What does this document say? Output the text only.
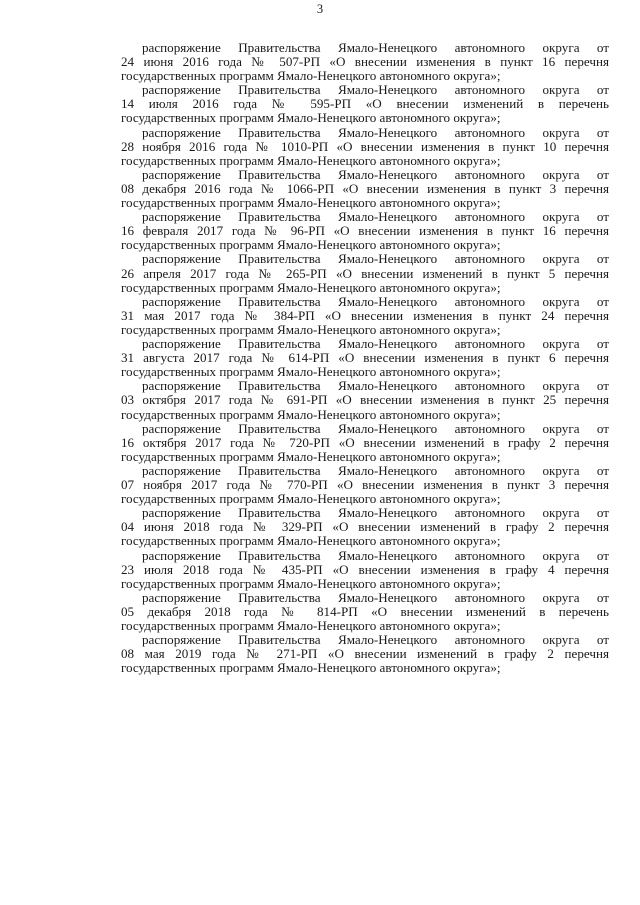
3
распоряжение Правительства Ямало-Ненецкого автономного округа от
24 июня 2016 года № 507-РП «О внесении изменения в пункт 16 перечня
государственных программ Ямало-Ненецкого автономного округа»;
распоряжение Правительства Ямало-Ненецкого автономного округа от
14 июля 2016 года № 595-РП «О внесении изменений в перечень
государственных программ Ямало-Ненецкого автономного округа»;
распоряжение Правительства Ямало-Ненецкого автономного округа от
28 ноября 2016 года № 1010-РП «О внесении изменения в пункт 10 перечня
государственных программ Ямало-Ненецкого автономного округа»;
распоряжение Правительства Ямало-Ненецкого автономного округа от
08 декабря 2016 года № 1066-РП «О внесении изменения в пункт 3 перечня
государственных программ Ямало-Ненецкого автономного округа»;
распоряжение Правительства Ямало-Ненецкого автономного округа от
16 февраля 2017 года № 96-РП «О внесении изменения в пункт 16 перечня
государственных программ Ямало-Ненецкого автономного округа»;
распоряжение Правительства Ямало-Ненецкого автономного округа от
26 апреля 2017 года № 265-РП «О внесении изменений в пункт 5 перечня
государственных программ Ямало-Ненецкого автономного округа»;
распоряжение Правительства Ямало-Ненецкого автономного округа от
31 мая 2017 года № 384-РП «О внесении изменения в пункт 24 перечня
государственных программ Ямало-Ненецкого автономного округа»;
распоряжение Правительства Ямало-Ненецкого автономного округа от
31 августа 2017 года № 614-РП «О внесении изменения в пункт 6 перечня
государственных программ Ямало-Ненецкого автономного округа»;
распоряжение Правительства Ямало-Ненецкого автономного округа от
03 октября 2017 года № 691-РП «О внесении изменения в пункт 25 перечня
государственных программ Ямало-Ненецкого автономного округа»;
распоряжение Правительства Ямало-Ненецкого автономного округа от
16 октября 2017 года № 720-РП «О внесении изменений в графу 2 перечня
государственных программ Ямало-Ненецкого автономного округа»;
распоряжение Правительства Ямало-Ненецкого автономного округа от
07 ноября 2017 года № 770-РП «О внесении изменения в пункт 3 перечня
государственных программ Ямало-Ненецкого автономного округа»;
распоряжение Правительства Ямало-Ненецкого автономного округа от
04 июня 2018 года № 329-РП «О внесении изменений в графу 2 перечня
государственных программ Ямало-Ненецкого автономного округа»;
распоряжение Правительства Ямало-Ненецкого автономного округа от
23 июля 2018 года № 435-РП «О внесении изменения в графу 4 перечня
государственных программ Ямало-Ненецкого автономного округа»;
распоряжение Правительства Ямало-Ненецкого автономного округа от
05 декабря 2018 года № 814-РП «О внесении изменений в перечень
государственных программ Ямало-Ненецкого автономного округа»;
распоряжение Правительства Ямало-Ненецкого автономного округа от
08 мая 2019 года № 271-РП «О внесении изменений в графу 2 перечня
государственных программ Ямало-Ненецкого автономного округа»;
